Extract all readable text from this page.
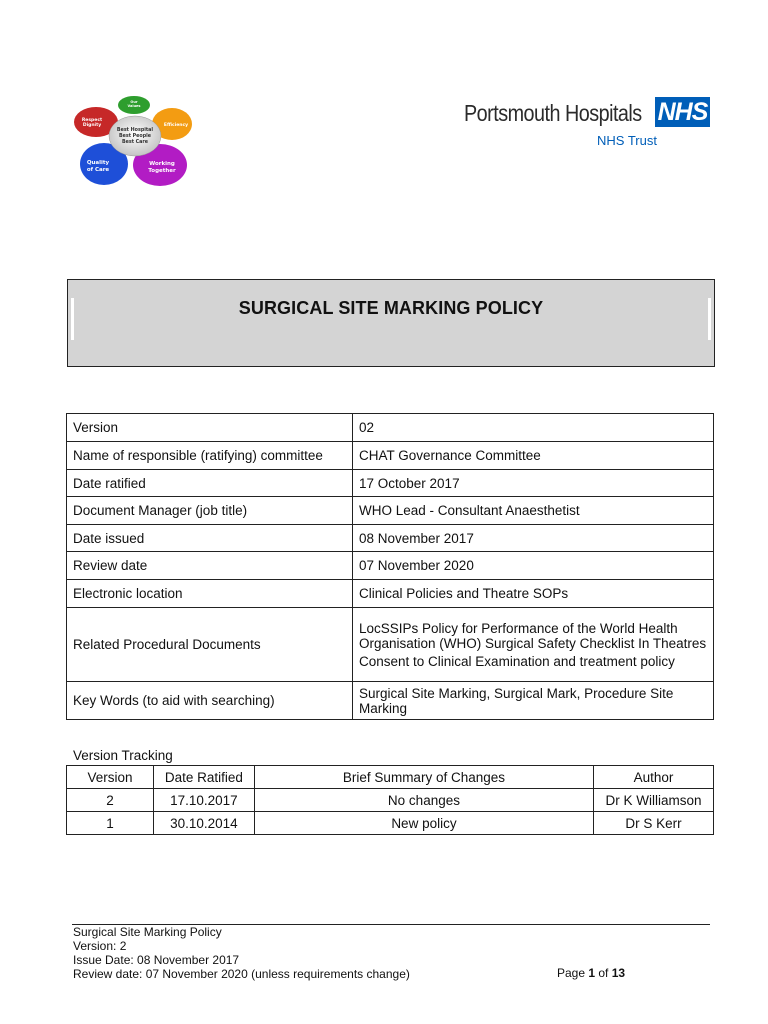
Respect
Dignity
Our
Values
Efficiency
Quality
of Care
Working
Together
Best Hospital
Best People
Best Care
Portsmouth Hospitals NHS
NHS Trust
SURGICAL SITE MARKING POLICY
Version	02

Name of responsible (ratifying) committee	CHAT Governance Committee

Date ratified	17 October 2017

Document Manager (job title)	WHO Lead - Consultant Anaesthetist

Date issued	08 November 2017

Review date	07 November 2020

Electronic location	Clinical Policies and Theatre SOPs

Related Procedural Documents	LocSSIPs Policy for Performance of the World Health Organisation (WHO) Surgical Safety Checklist In Theatres

Consent to Clinical Examination and treatment policy

Key Words (to aid with searching)	Surgical Site Marking, Surgical Mark, Procedure Site Marking

Version Tracking
Version	Date Ratified	Brief Summary of Changes	Author
2	17.10.2017	No changes	Dr K Williamson
1	30.10.2014	New policy	Dr S Kerr
Surgical Site Marking Policy
Version: 2
Issue Date: 08 November 2017
Review date: 07 November 2020 (unless requirements change)	Page 1 of 13
